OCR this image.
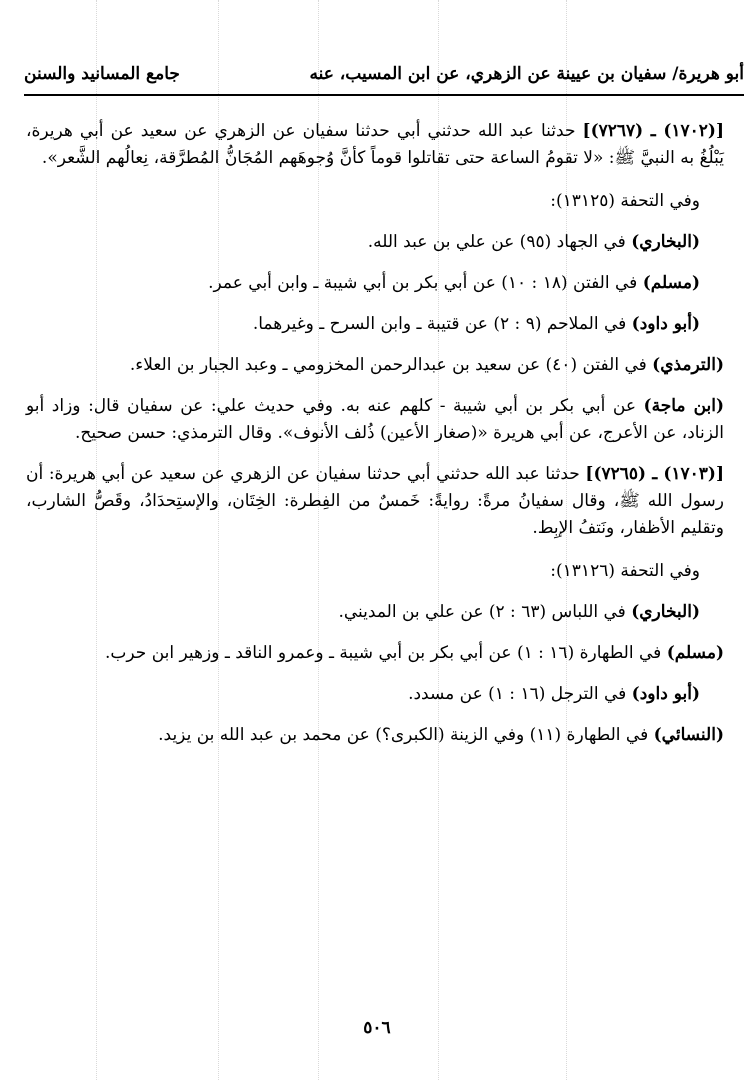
أبو هريرة/ سفيان بن عيينة عن الزهري، عن ابن المسيب، عنه
جامع المسانيد والسنن
[(١٧٠٢) ـ (٧٢٦٧)] حدثنا عبد الله حدثني أبي حدثنا سفيان عن الزهري عن سعيد عن أبي هريرة، يَبْلُغُ به النبيَّ ﷺ: «لا تقومُ الساعة حتى تقاتلوا قوماً كأنَّ وُجوهَهم المُجَانُّ المُطرَّقة، نِعالُهم الشَّعر».
وفي التحفة (١٣١٢٥):
(البخاري) في الجهاد (٩٥) عن علي بن عبد الله.
(مسلم) في الفتن (١٨ : ١٠) عن أبي بكر بن أبي شيبة ـ وابن أبي عمر.
(أبو داود) في الملاحم (٩ : ٢) عن قتيبة ـ وابن السرح ـ وغيرهما.
(الترمذي) في الفتن (٤٠) عن سعيد بن عبدالرحمن المخزومي ـ وعبد الجبار بن العلاء.
(ابن ماجة) عن أبي بكر بن أبي شيبة - كلهم عنه به. وفي حديث علي: عن سفيان قال: وزاد أبو الزناد، عن الأعرج، عن أبي هريرة «(صغار الأعين) ذُلف الأنوف». وقال الترمذي: حسن صحيح.
[(١٧٠٣) ـ (٧٢٦٥)] حدثنا عبد الله حدثني أبي حدثنا سفيان عن الزهري عن سعيد عن أبي هريرة: أن رسول الله ﷺ، وقال سفيانُ مرةً: روايةً: خَمسٌ من الفِطرة: الخِتَان، والإستِحدَادُ، وقَصُّ الشارب، وتقليم الأظفار، ونَتفُ الإبِط.
وفي التحفة (١٣١٢٦):
(البخاري) في اللباس (٦٣ : ٢) عن علي بن المديني.
(مسلم) في الطهارة (١٦ : ١) عن أبي بكر بن أبي شيبة ـ وعمرو الناقد ـ وزهير ابن حرب.
(أبو داود) في الترجل (١٦ : ١) عن مسدد.
(النسائي) في الطهارة (١١) وفي الزينة (الكبرى؟) عن محمد بن عبد الله بن يزيد.
٥٠٦
